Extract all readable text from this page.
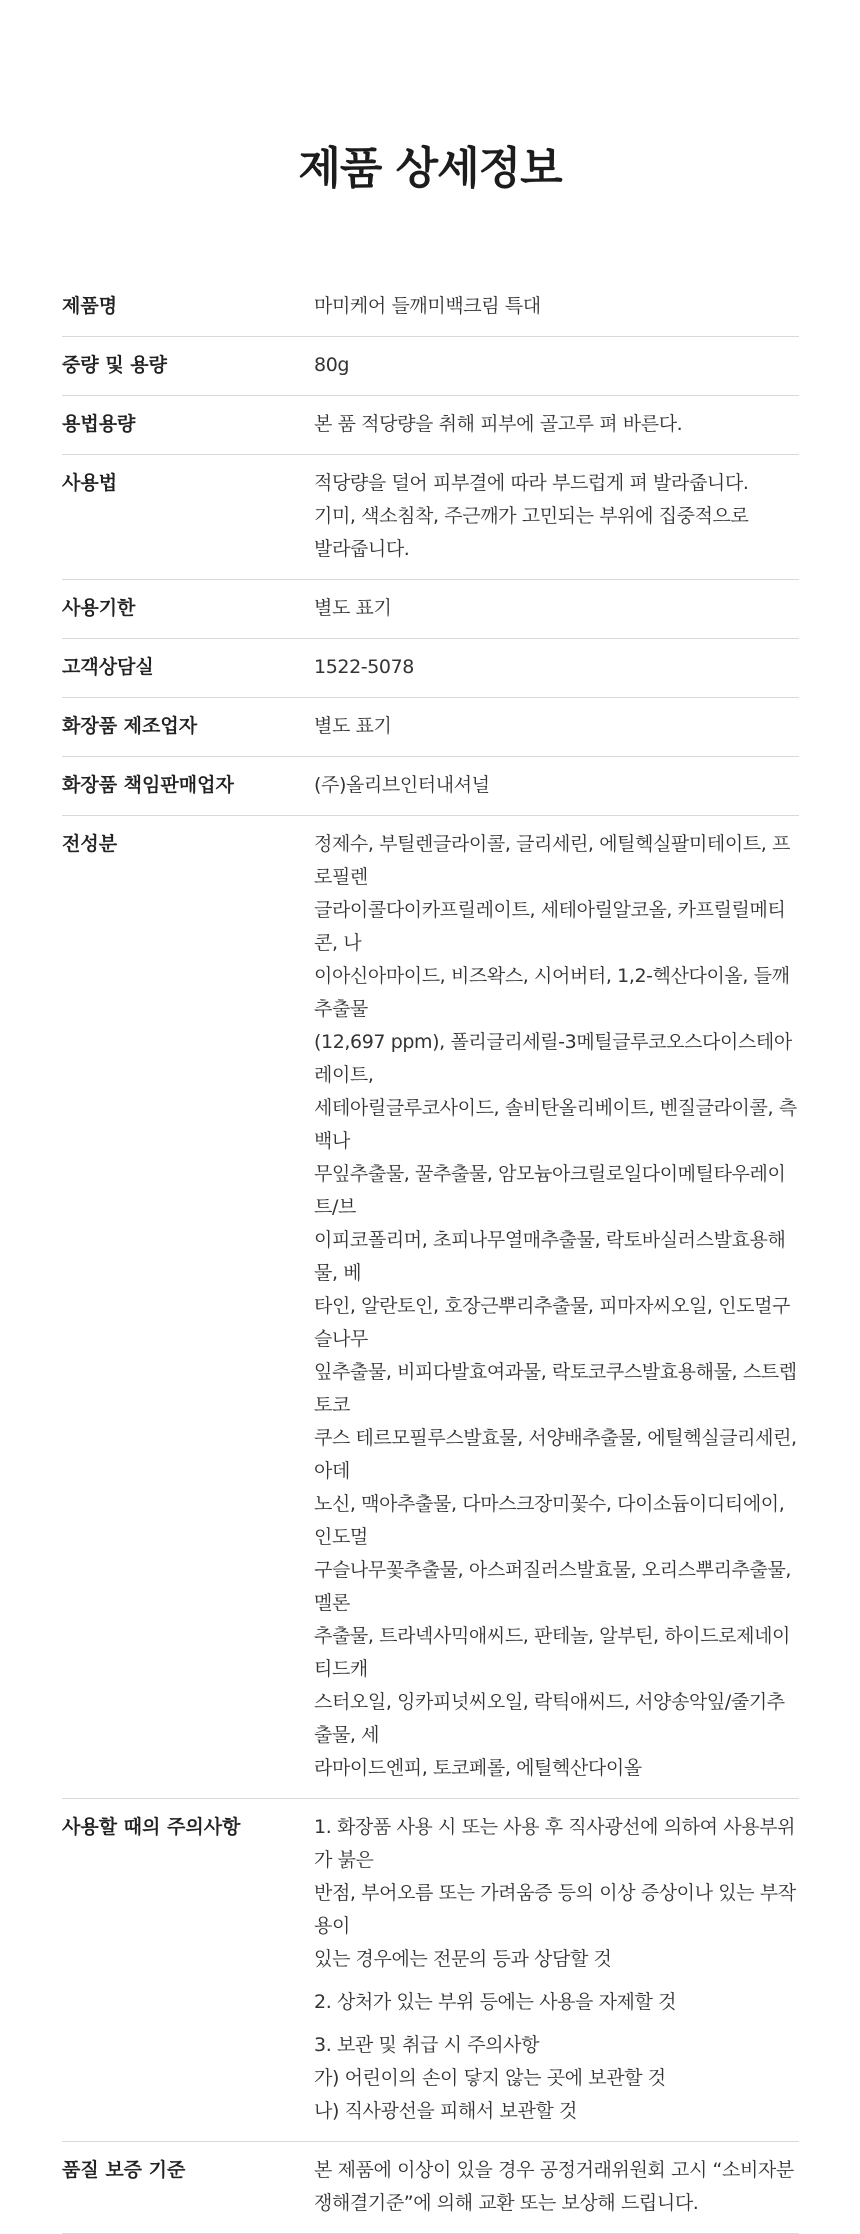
제품 상세정보
제품명	마미케어 들깨미백크림 특대

중량 및 용량	80g

용법용량	본 품 적당량을 취해 피부에 골고루 펴 바른다.

사용법	적당량을 덜어 피부결에 따라 부드럽게 펴 발라줍니다.
기미, 색소침착, 주근깨가 고민되는 부위에 집중적으로
발라줍니다.

사용기한	별도 표기

고객상담실	1522-5078

화장품 제조업자	별도 표기

화장품 책임판매업자	(주)올리브인터내셔널

전성분	정제수, 부틸렌글라이콜, 글리세린, 에틸헥실팔미테이트, 프로필렌
글라이콜다이카프릴레이트, 세테아릴알코올, 카프릴릴메티콘, 나
이아신아마이드, 비즈왁스, 시어버터, 1,2-헥산다이올, 들깨추출물
(12,697 ppm), 폴리글리세릴-3메틸글루코오스다이스테아레이트,
세테아릴글루코사이드, 솔비탄올리베이트, 벤질글라이콜, 측백나
무잎추출물, 꿀추출물, 암모늄아크릴로일다이메틸타우레이트/브
이피코폴리머, 초피나무열매추출물, 락토바실러스발효용해물, 베
타인, 알란토인, 호장근뿌리추출물, 피마자씨오일, 인도멀구슬나무
잎추출물, 비피다발효여과물, 락토코쿠스발효용해물, 스트렙토코
쿠스 테르모필루스발효물, 서양배추출물, 에틸헥실글리세린, 아데
노신, 맥아추출물, 다마스크장미꽃수, 다이소듐이디티에이, 인도멀
구슬나무꽃추출물, 아스퍼질러스발효물, 오리스뿌리추출물, 멜론
추출물, 트라넥사믹애씨드, 판테놀, 알부틴, 하이드로제네이티드캐
스터오일, 잉카피넛씨오일, 락틱애씨드, 서양송악잎/줄기추출물, 세
라마이드엔피, 토코페롤, 에틸헥산다이올

사용할 때의 주의사항	1. 화장품 사용 시 또는 사용 후 직사광선에 의하여 사용부위가 붉은
반점, 부어오름 또는 가려움증 등의 이상 증상이나 있는 부작용이
있는 경우에는 전문의 등과 상담할 것

2. 상처가 있는 부위 등에는 사용을 자제할 것

3. 보관 및 취급 시 주의사항
가) 어린이의 손이 닿지 않는 곳에 보관할 것
나) 직사광선을 피해서 보관할 것

품질 보증 기준	본 제품에 이상이 있을 경우 공정거래위원회 고시 “소비자분
쟁해결기준”에 의해 교환 또는 보상해 드립니다.
